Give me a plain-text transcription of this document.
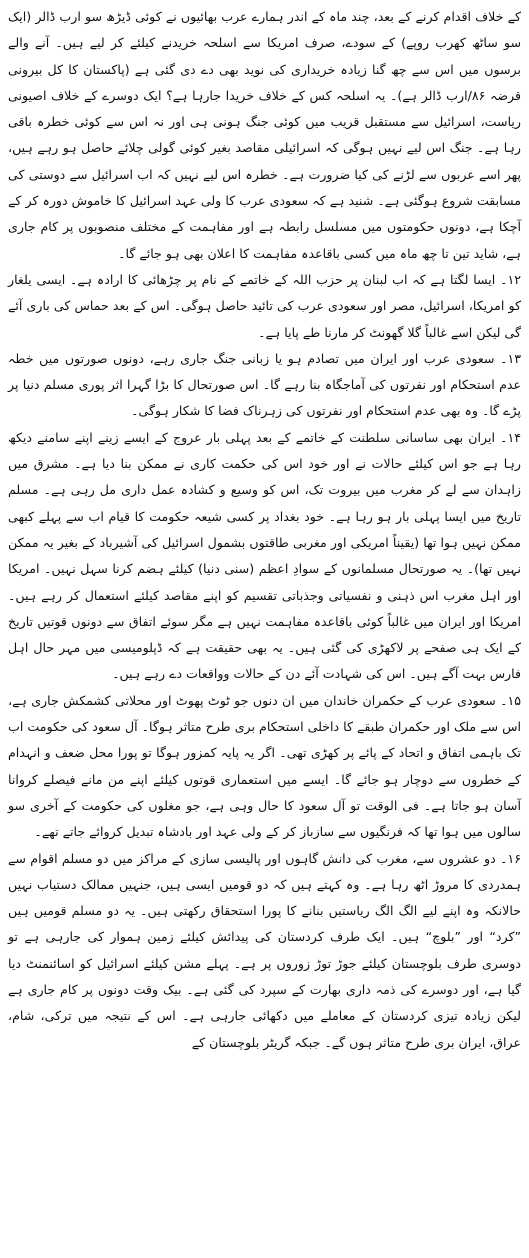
کے خلاف اقدام کرنے کے بعد، چند ماہ کے اندر ہمارے عرب بھائیوں نے کوئی ڈیڑھ سو ارب ڈالر (ایک سو ساٹھ کھرب روپے) کے سودے، صرف امریکا سے اسلحہ خریدنے کیلئے کر لیے ہیں۔ آنے والے برسوں میں اس سے چھ گنا زیادہ خریداری کی نوید بھی دے دی گئی ہے (پاکستان کا کل بیرونی قرضہ ۸۶/ارب ڈالر ہے)۔ یہ اسلحہ کس کے خلاف خریدا جارہا ہے؟ ایک دوسرے کے خلاف اصیونی ریاست، اسرائیل سے مستقبل قریب میں کوئی جنگ ہونی ہی اور نہ اس سے کوئی خطرہ باقی رہا ہے۔ جنگ اس لیے نہیں ہوگی کہ اسرائیلی مقاصد بغیر کوئی گولی چلائے حاصل ہو رہے ہیں، پھر اسے عربوں سے لڑنے کی کیا ضرورت ہے۔ خطرہ اس لیے نہیں کہ اب اسرائیل سے دوستی کی مسابقت شروع ہوگئی ہے۔ شنید ہے کہ سعودی عرب کا ولی عہد اسرائیل کا خاموش دورہ کر کے آچکا ہے، دونوں حکومتوں میں مسلسل رابطہ ہے اور مفاہمت کے مختلف منصوبوں پر کام جاری ہے، شاید تین تا چھ ماہ میں کسی باقاعدہ مفاہمت کا اعلان بھی ہو جائے گا۔

۱۲۔ ایسا لگتا ہے کہ اب لبنان پر حزب اللہ کے خاتمے کے نام پر چڑھائی کا ارادہ ہے۔ ایسی یلغار کو امریکا، اسرائیل، مصر اور سعودی عرب کی تائید حاصل ہوگی۔ اس کے بعد حماس کی باری آئے گی لیکن اسے غالباً گلا گھونٹ کر مارنا طے پایا ہے۔

۱۳۔ سعودی عرب اور ایران میں تصادم ہو یا زبانی جنگ جاری رہے، دونوں صورتوں میں خطہ عدم استحکام اور نفرتوں کی آماجگاہ بنا رہے گا۔ اس صورتحال کا بڑا گہرا اثر پوری مسلم دنیا پر پڑے گا۔ وہ بھی عدم استحکام اور نفرتوں کی زہرناک فضا کا شکار ہوگی۔

۱۴۔ ایران بھی ساسانی سلطنت کے خاتمے کے بعد پہلی بار عروج کے ایسے زینے اپنے سامنے دیکھ رہا ہے جو اس کیلئے حالات نے اور خود اس کی حکمت کاری نے ممکن بنا دیا ہے۔ مشرق میں زاہدان سے لے کر مغرب میں بیروت تک، اس کو وسیع و کشادہ عمل داری مل رہی ہے۔ مسلم تاریخ میں ایسا پہلی بار ہو رہا ہے۔ خود بغداد پر کسی شیعہ حکومت کا قیام اب سے پہلے کبھی ممکن نہیں ہوا تھا (یقیناً امریکی اور مغربی طاقتوں بشمول اسرائیل کی آشیرباد کے بغیر یہ ممکن نہیں تھا)۔ یہ صورتحال مسلمانوں کے سوادِ اعظم (سنی دنیا) کیلئے ہضم کرنا سہل نہیں۔ امریکا اور اہل مغرب اس ذہنی و نفسیاتی وجذباتی تقسیم کو اپنے مقاصد کیلئے استعمال کر رہے ہیں۔ امریکا اور ایران میں غالباً کوئی باقاعدہ مفاہمت نہیں ہے مگر سوئے اتفاق سے دونوں قوتیں تاریخ کے ایک ہی صفحے پر لاکھڑی کی گئی ہیں۔ یہ بھی حقیقت ہے کہ ڈپلومیسی میں مہر حال اہل فارس بہت آگے ہیں۔ اس کی شہادت آئے دن کے حالات وواقعات دے رہے ہیں۔

۱۵۔ سعودی عرب کے حکمران خاندان میں ان دنوں جو ٹوٹ پھوٹ اور محلاتی کشمکش جاری ہے، اس سے ملک اور حکمران طبقے کا داخلی استحکام بری طرح متاثر ہوگا۔ آل سعود کی حکومت اب تک باہمی اتفاق و اتحاد کے پائے پر کھڑی تھی۔ اگر یہ پایہ کمزور ہوگا تو پورا محل ضعف و انہدام کے خطروں سے دوچار ہو جائے گا۔ ایسے میں استعماری قوتوں کیلئے اپنے من مانے فیصلے کروانا آسان ہو جاتا ہے۔ فی الوقت تو آل سعود کا حال وہی ہے، جو مغلوں کی حکومت کے آخری سو سالوں میں ہوا تھا کہ فرنگیوں سے سازباز کر کے ولی عہد اور بادشاہ تبدیل کروائے جاتے تھے۔

۱۶۔ دو عشروں سے، مغرب کی دانش گاہوں اور پالیسی سازی کے مراکز میں دو مسلم اقوام سے ہمدردی کا مروڑ اٹھ رہا ہے۔ وہ کہتے ہیں کہ دو قومیں ایسی ہیں، جنہیں ممالک دستیاب نہیں حالانکہ وہ اپنے لیے الگ الگ ریاستیں بنانے کا پورا استحقاق رکھتی ہیں۔ یہ دو مسلم قومیں ہیں ”کرد“ اور ”بلوچ“ ہیں۔ ایک طرف کردستان کی پیدائش کیلئے زمین ہموار کی جارہی ہے تو دوسری طرف بلوچستان کیلئے جوڑ توڑ زوروں پر ہے۔ پہلے مشن کیلئے اسرائیل کو اسائنمنٹ دیا گیا ہے، اور دوسرے کی ذمہ داری بھارت کے سپرد کی گئی ہے۔ بیک وقت دونوں پر کام جاری ہے لیکن زیادہ تیزی کردستان کے معاملے میں دکھائی جارہی ہے۔ اس کے نتیجہ میں ترکی، شام، عراق، ایران بری طرح متاثر ہوں گے۔ جبکہ گریٹر بلوچستان کے
